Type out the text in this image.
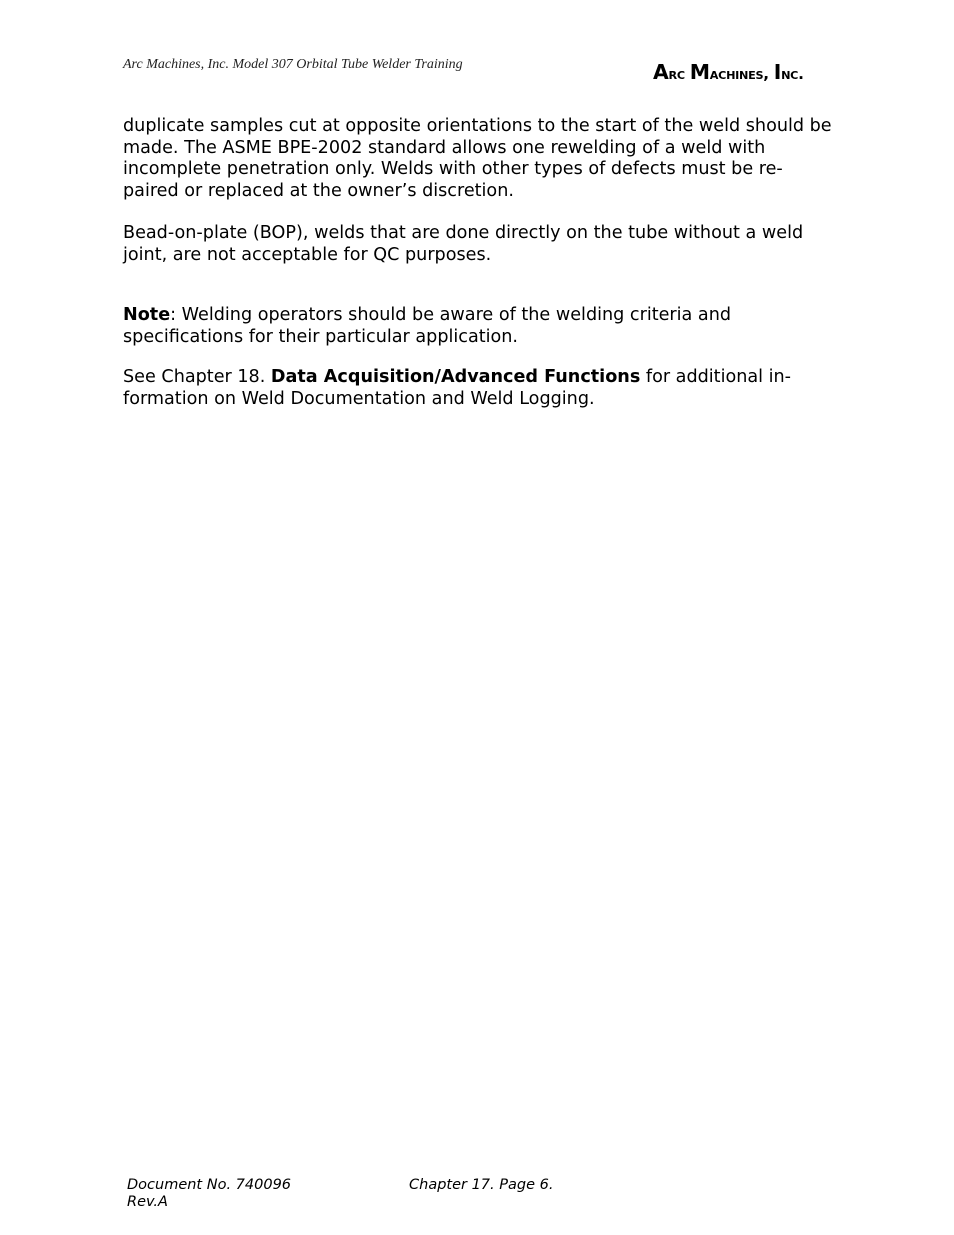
Arc Machines, Inc. Model 307 Orbital Tube Welder Training	Arc Machines, Inc.

duplicate samples cut at opposite orientations to the start of the weld should be made. The ASME BPE-2002 standard allows one rewelding of a weld with incomplete penetration only. Welds with other types of defects must be re-paired or replaced at the owner’s discretion.

Bead-on-plate (BOP), welds that are done directly on the tube without a weld joint, are not acceptable for QC purposes.

Note: Welding operators should be aware of the welding criteria and specifications for their particular application.

See Chapter 18. Data Acquisition/Advanced Functions for additional in-formation on Weld Documentation and Weld Logging.

Document No. 740096
Rev.A
Chapter 17. Page 6.
